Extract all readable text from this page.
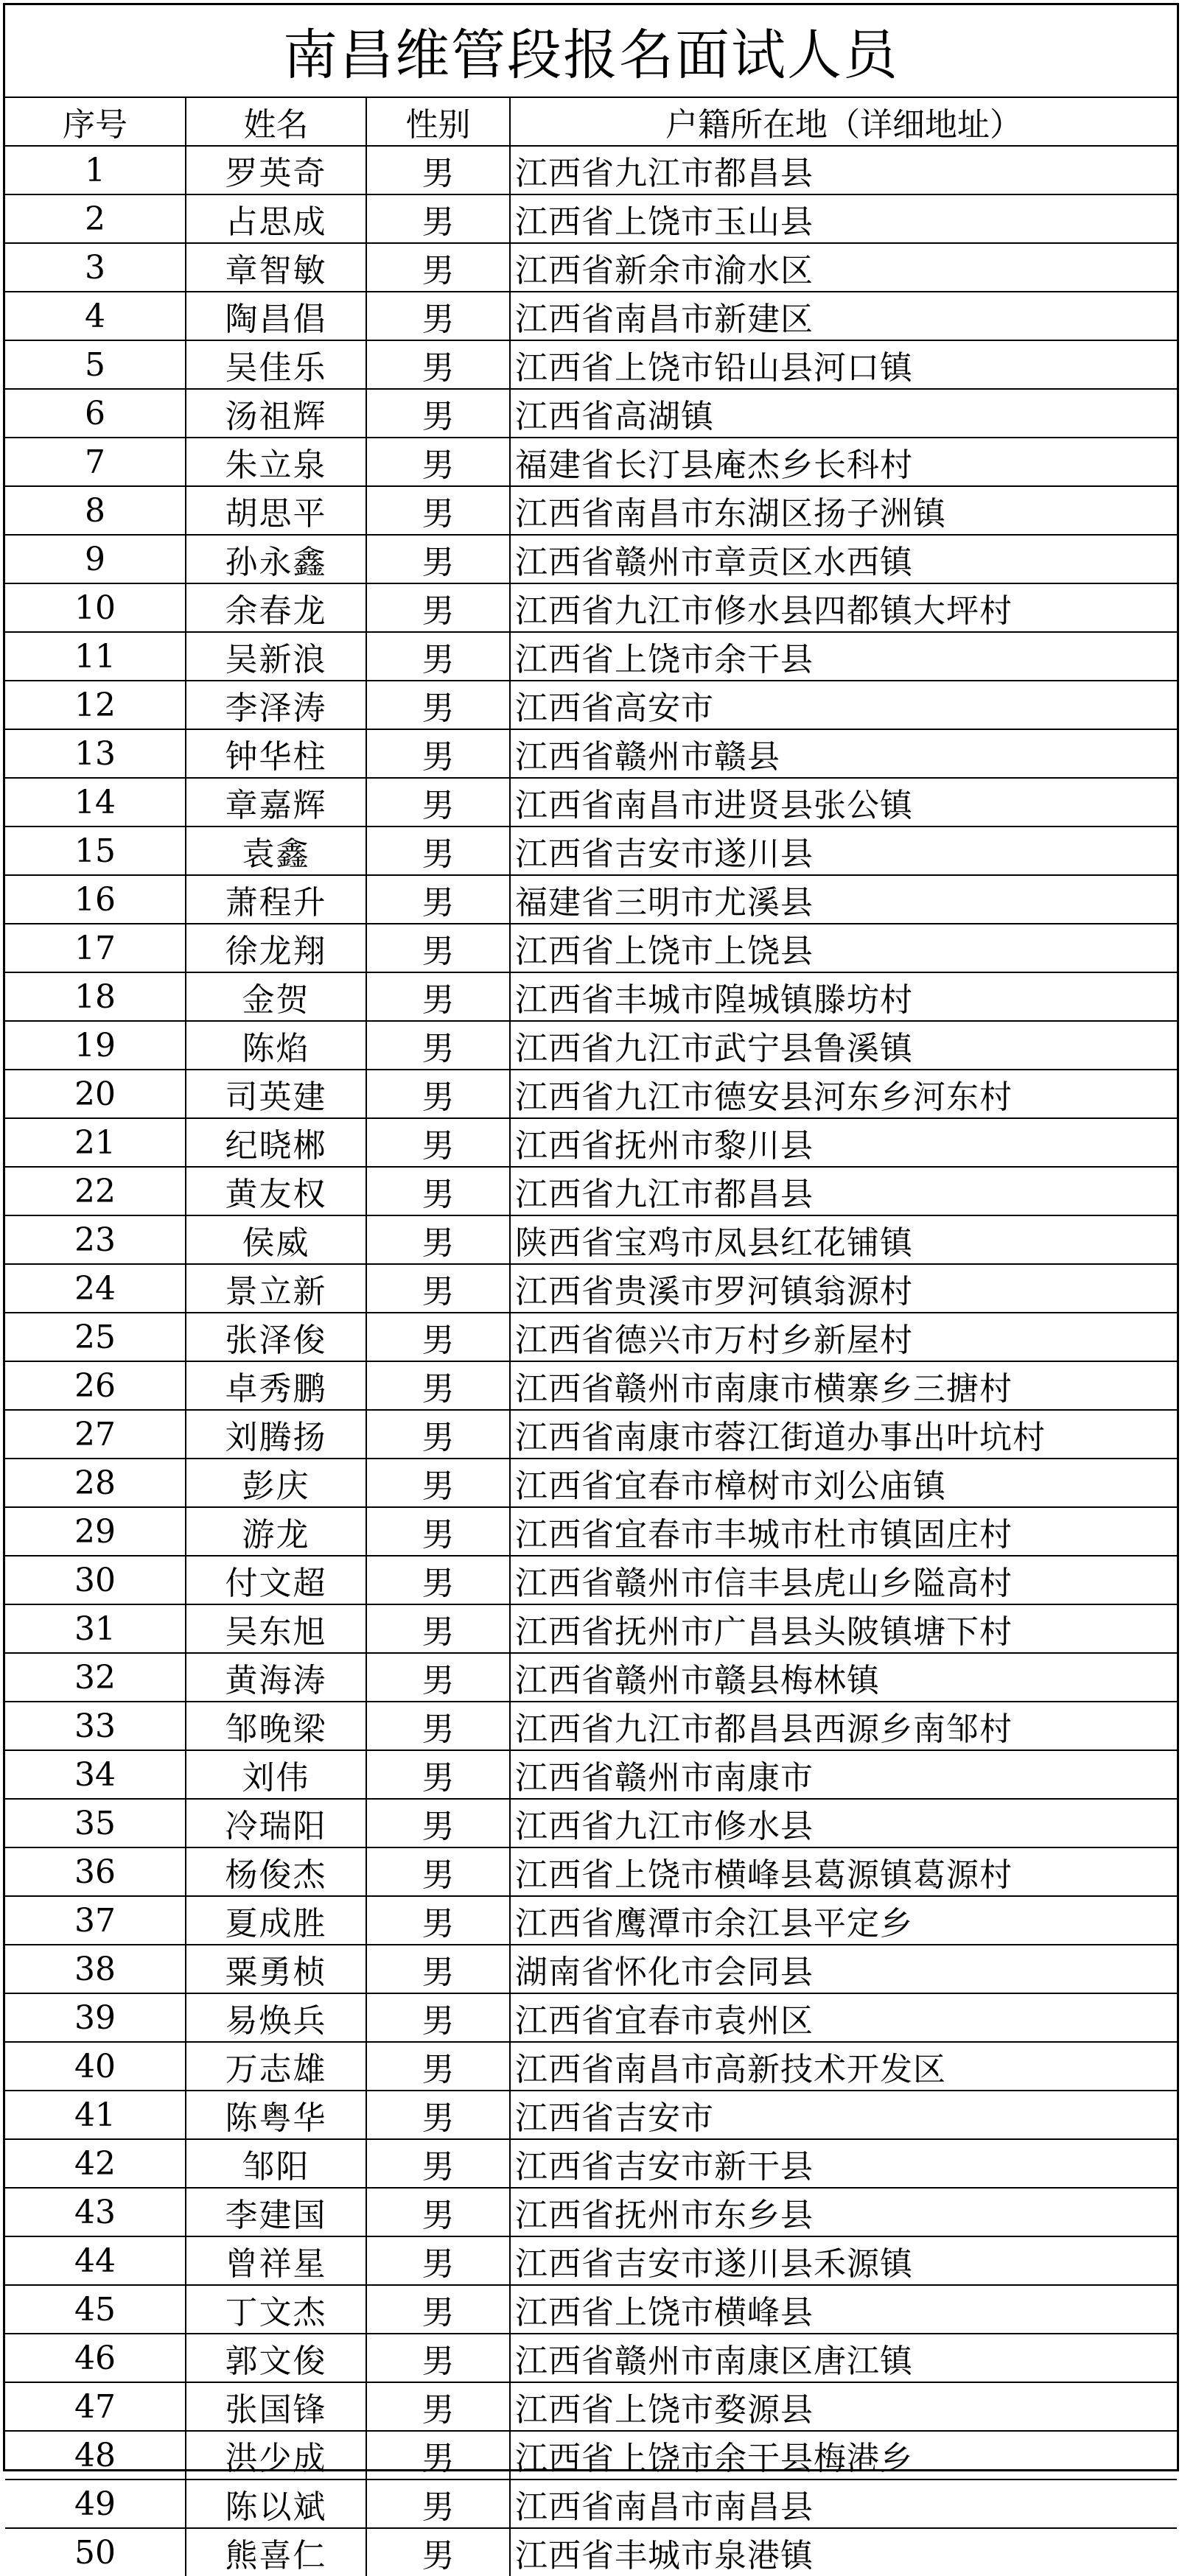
南昌维管段报名面试人员			
序号	姓名	性别	户籍所在地（详细地址）
1	罗英奇	男	江西省九江市都昌县
2	占思成	男	江西省上饶市玉山县
3	章智敏	男	江西省新余市渝水区
4	陶昌倡	男	江西省南昌市新建区
5	吴佳乐	男	江西省上饶市铅山县河口镇
6	汤祖辉	男	江西省高湖镇
7	朱立泉	男	福建省长汀县庵杰乡长科村
8	胡思平	男	江西省南昌市东湖区扬子洲镇
9	孙永鑫	男	江西省赣州市章贡区水西镇
10	余春龙	男	江西省九江市修水县四都镇大坪村
11	吴新浪	男	江西省上饶市余干县
12	李泽涛	男	江西省高安市
13	钟华柱	男	江西省赣州市赣县
14	章嘉辉	男	江西省南昌市进贤县张公镇
15	袁鑫	男	江西省吉安市遂川县
16	萧程升	男	福建省三明市尤溪县
17	徐龙翔	男	江西省上饶市上饶县
18	金贺	男	江西省丰城市隍城镇滕坊村
19	陈焰	男	江西省九江市武宁县鲁溪镇
20	司英建	男	江西省九江市德安县河东乡河东村
21	纪晓郴	男	江西省抚州市黎川县
22	黄友权	男	江西省九江市都昌县
23	侯威	男	陕西省宝鸡市凤县红花铺镇
24	景立新	男	江西省贵溪市罗河镇翁源村
25	张泽俊	男	江西省德兴市万村乡新屋村
26	卓秀鹏	男	江西省赣州市南康市横寨乡三搪村
27	刘腾扬	男	江西省南康市蓉江街道办事出叶坑村
28	彭庆	男	江西省宜春市樟树市刘公庙镇
29	游龙	男	江西省宜春市丰城市杜市镇固庄村
30	付文超	男	江西省赣州市信丰县虎山乡隘高村
31	吴东旭	男	江西省抚州市广昌县头陂镇塘下村
32	黄海涛	男	江西省赣州市赣县梅林镇
33	邹晚梁	男	江西省九江市都昌县西源乡南邹村
34	刘伟	男	江西省赣州市南康市
35	冷瑞阳	男	江西省九江市修水县
36	杨俊杰	男	江西省上饶市横峰县葛源镇葛源村
37	夏成胜	男	江西省鹰潭市余江县平定乡
38	粟勇桢	男	湖南省怀化市会同县
39	易焕兵	男	江西省宜春市袁州区
40	万志雄	男	江西省南昌市高新技术开发区
41	陈粤华	男	江西省吉安市
42	邹阳	男	江西省吉安市新干县
43	李建国	男	江西省抚州市东乡县
44	曾祥星	男	江西省吉安市遂川县禾源镇
45	丁文杰	男	江西省上饶市横峰县
46	郭文俊	男	江西省赣州市南康区唐江镇
47	张国锋	男	江西省上饶市婺源县
48	洪少成	男	江西省上饶市余干县梅港乡
49	陈以斌	男	江西省南昌市南昌县
50	熊喜仁	男	江西省丰城市泉港镇
